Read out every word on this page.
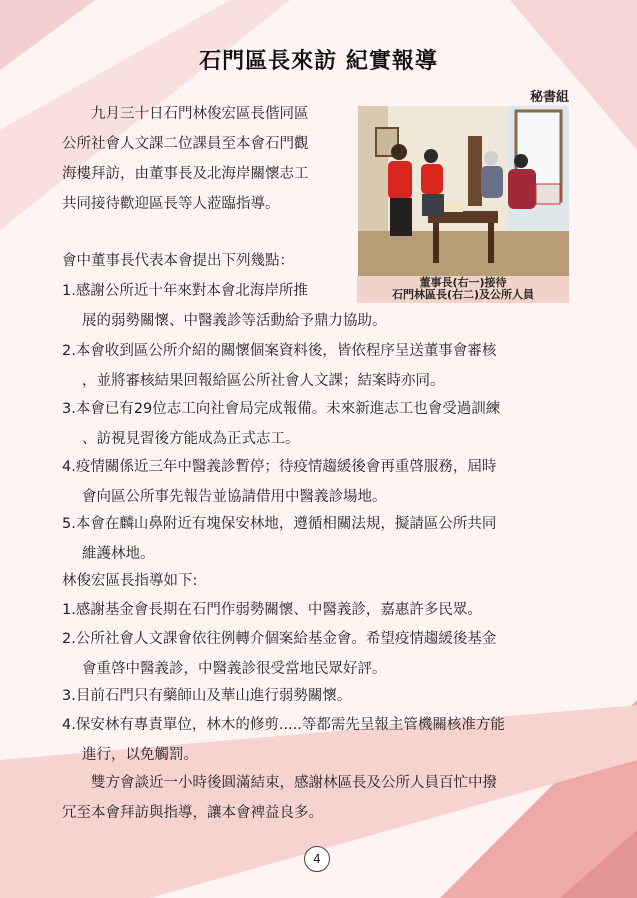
石門區長來訪 紀實報導
秘書組
　　九月三十日石門林俊宏區長偕同區
公所社會人文課二位課員至本會石門觀
海樓拜訪，由董事長及北海岸關懷志工
共同接待歡迎區長等人蒞臨指導。
董事長(右一)接待
石門林區長(右二)及公所人員
會中董事長代表本會提出下列幾點：
1.感謝公所近十年來對本會北海岸所推
展的弱勢關懷、中醫義診等活動給予鼎力協助。
2.本會收到區公所介紹的關懷個案資料後，皆依程序呈送董事會審核
，並將審核結果回報給區公所社會人文課；結案時亦同。
3.本會已有29位志工向社會局完成報備。未來新進志工也會受過訓練
、訪視見習後方能成為正式志工。
4.疫情關係近三年中醫義診暫停；待疫情趨緩後會再重啓服務，屆時
會向區公所事先報告並協請借用中醫義診場地。
5.本會在麟山鼻附近有塊保安林地，遵循相關法規，擬請區公所共同
維護林地。
林俊宏區長指導如下:
1.感謝基金會長期在石門作弱勢關懷、中醫義診，嘉惠許多民眾。
2.公所社會人文課會依往例轉介個案給基金會。希望疫情趨緩後基金
會重啓中醫義診，中醫義診很受當地民眾好評。
3.目前石門只有藥師山及華山進行弱勢關懷。
4.保安林有專責單位，林木的修剪.....等都需先呈報主管機關核准方能
進行，以免觸罰。
　　雙方會談近一小時後圓滿結束，感謝林區長及公所人員百忙中撥
冗至本會拜訪與指導，讓本會裨益良多。
4
